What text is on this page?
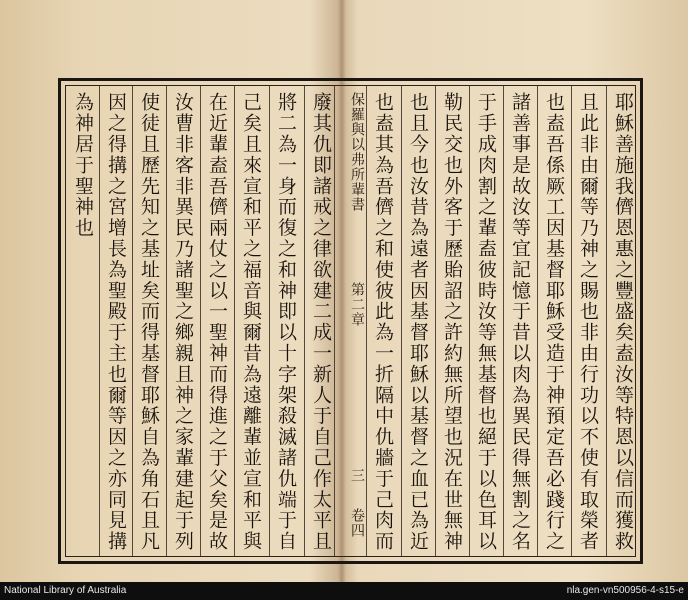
耶穌善施我儕恩惠之豐盛矣盍汝等特恩以信而獲救
且此非由爾等乃神之賜也非由行功以不使有取榮者
也盍吾係厥工因基督耶穌受造于神預定吾必踐行之
諸善事是故汝等宜記憶于昔以肉為異民得無割之名
于手成肉割之輩盍彼時汝等無基督也絕于以色耳以
勒民交也外客于歷貽詔之許約無所望也況在世無神
也且今也汝昔為遠者因基督耶穌以基督之血已為近
也盍其為吾儕之和使彼此為一折隔中仇牆于己肉而
保羅與以弗所輩書
第二章
三
卷四
廢其仇即諸戒之律欲建二成一新人于自己作太平且
將二為一身而復之和神即以十字架殺滅諸仇端于自
己矣且來宣和平之福音與爾昔為遠離輩並宣和平與
在近輩盍吾儕兩仗之以一聖神而得進之于父矣是故
汝曹非客非異民乃諸聖之鄉親且神之家輩建起于列
使徒且歷先知之基址矣而得基督耶穌自為角石且凡
因之得搆之宮增長為聖殿于主也爾等因之亦同見搆
為神居于聖神也
National Library of Australia	nla.gen-vn500956-4-s15-e
